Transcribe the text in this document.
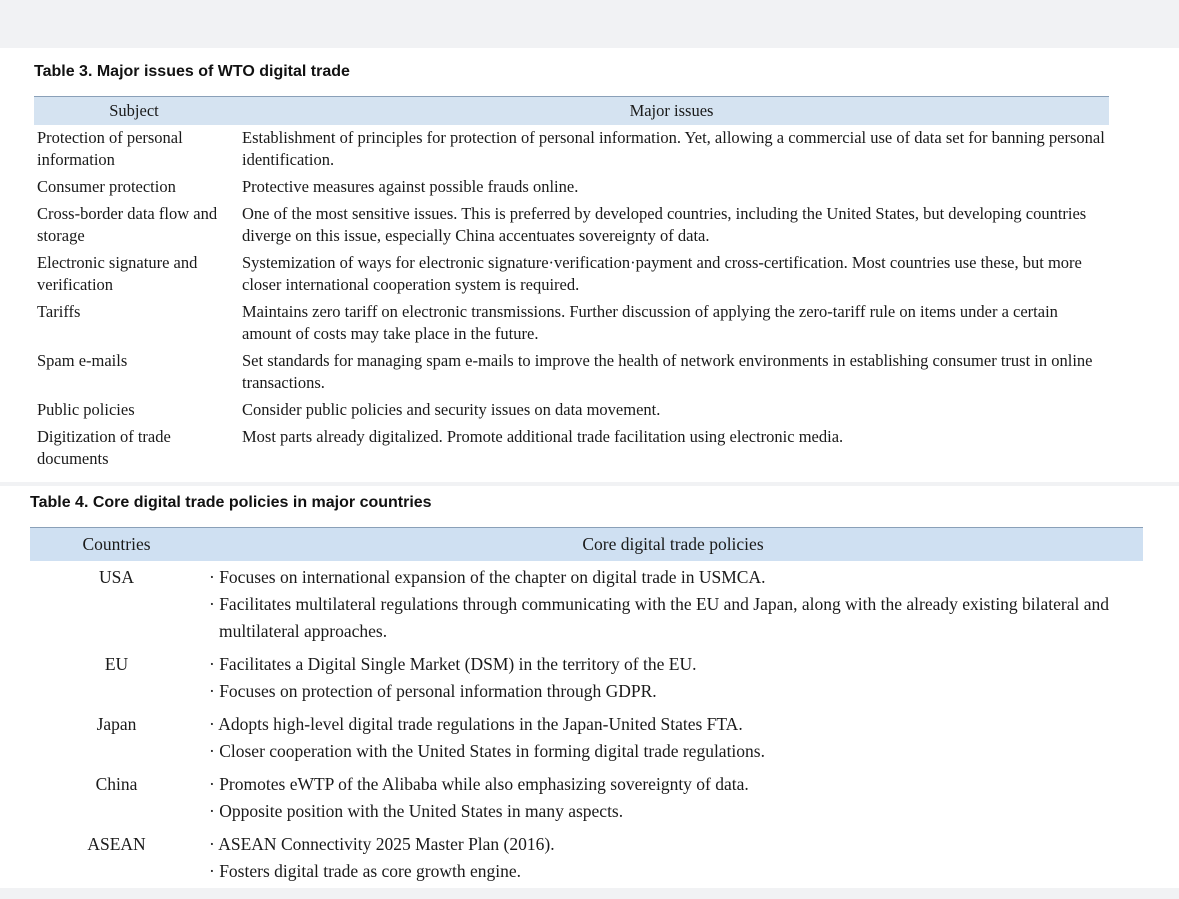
Table 3. Major issues of WTO digital trade
Subject	Major issues
Protection of personal information	Establishment of principles for protection of personal information. Yet, allowing a commercial use of data set for banning personal identification.
Consumer protection	Protective measures against possible frauds online.
Cross-border data flow and storage	One of the most sensitive issues. This is preferred by developed countries, including the United States, but developing countries diverge on this issue, especially China accentuates sovereignty of data.
Electronic signature and verification	Systemization of ways for electronic signature·verification·payment and cross-certification. Most countries use these, but more closer international cooperation system is required.
Tariffs	Maintains zero tariff on electronic transmissions. Further discussion of applying the zero-tariff rule on items under a certain amount of costs may take place in the future.
Spam e-mails	Set standards for managing spam e-mails to improve the health of network environments in establishing consumer trust in online transactions.
Public policies	Consider public policies and security issues on data movement.
Digitization of trade documents	Most parts already digitalized. Promote additional trade facilitation using electronic media.
Table 4. Core digital trade policies in major countries
Countries	Core digital trade policies
USA	· Focuses on international expansion of the chapter on digital trade in USMCA.
· Facilitates multilateral regulations through communicating with the EU and Japan, along with the already existing bilateral and multilateral approaches.

EU	· Facilitates a Digital Single Market (DSM) in the territory of the EU.
· Focuses on protection of personal information through GDPR.

Japan	· Adopts high-level digital trade regulations in the Japan-United States FTA.
· Closer cooperation with the United States in forming digital trade regulations.

China	· Promotes eWTP of the Alibaba while also emphasizing sovereignty of data.
· Opposite position with the United States in many aspects.

ASEAN	· ASEAN Connectivity 2025 Master Plan (2016).
· Fosters digital trade as core growth engine.
